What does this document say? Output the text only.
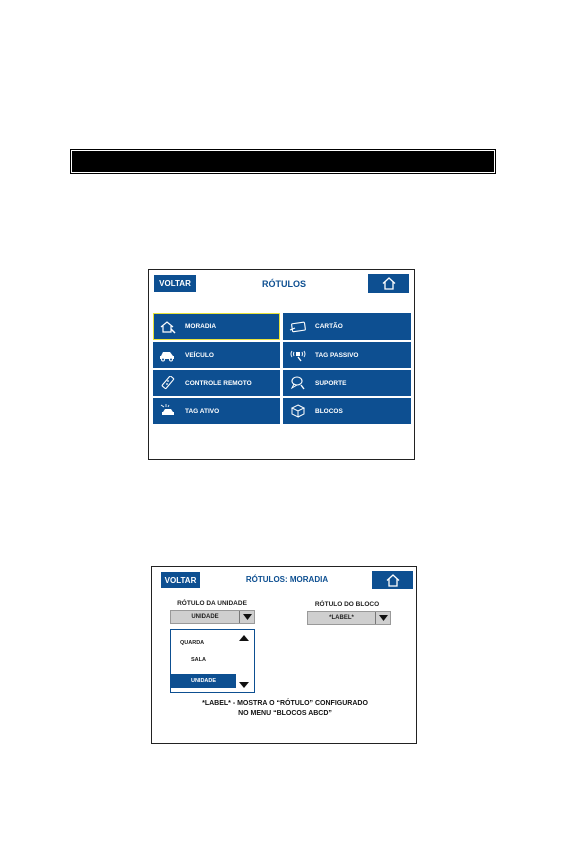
VOLTAR	RÓTULOS
MORADIA	CARTÃO
VEÍCULO	TAG PASSIVO
CONTROLE REMOTO	SUPORTE
TAG ATIVO	BLOCOS
VOLTAR	RÓTULOS: MORADIA
RÓTULO DA UNIDADE
UNIDADE
RÓTULO DO BLOCO
*LABEL*
QUARDA
SALA
UNIDADE
*LABEL* - MOSTRA O “RÓTULO” CONFIGURADO
NO MENU “BLOCOS ABCD”
